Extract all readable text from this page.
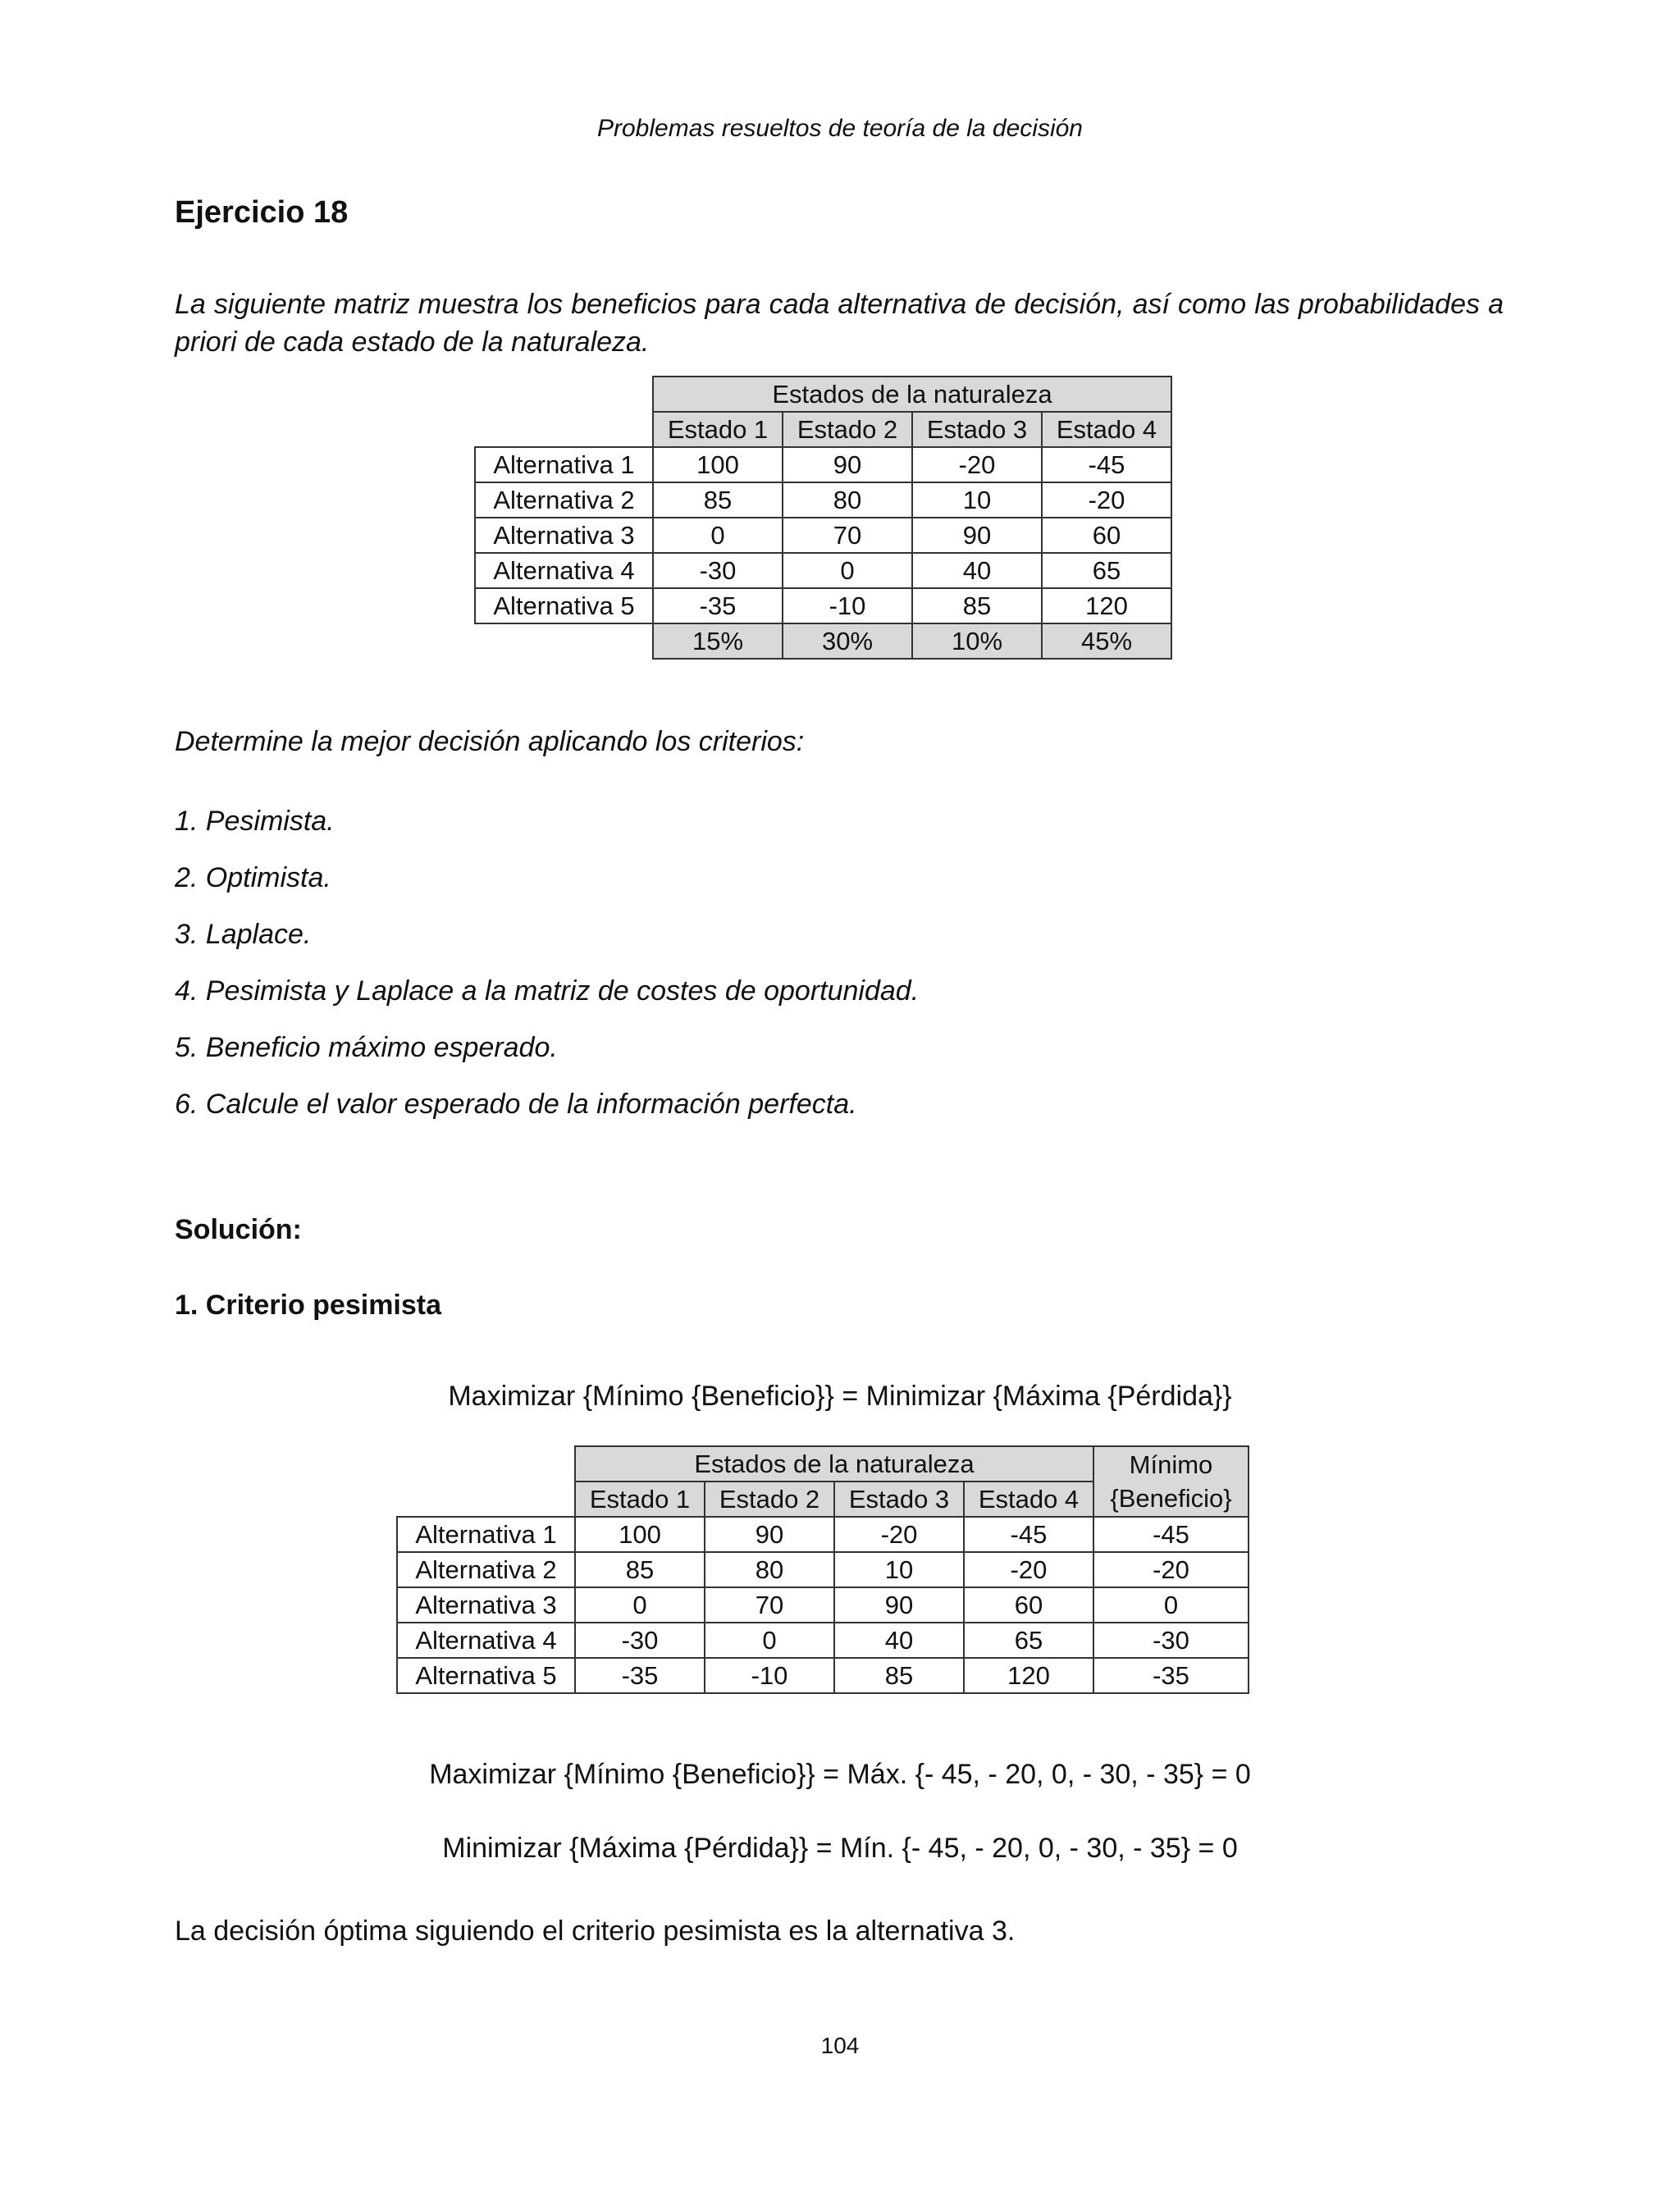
Problemas resueltos de teoría de la decisión
Ejercicio 18
La siguiente matriz muestra los beneficios para cada alternativa de decisión, así como las probabilidades a priori de cada estado de la naturaleza.
	Estados de la naturaleza			
	Estado 1	Estado 2	Estado 3	Estado 4
Alternativa 1	100	90	-20	-45
Alternativa 2	85	80	10	-20
Alternativa 3	0	70	90	60
Alternativa 4	-30	0	40	65
Alternativa 5	-35	-10	85	120
	15%	30%	10%	45%
Determine la mejor decisión aplicando los criterios:
1. Pesimista.
2. Optimista.
3. Laplace.
4. Pesimista y Laplace a la matriz de costes de oportunidad.
5. Beneficio máximo esperado.
6. Calcule el valor esperado de la información perfecta.
Solución:
1. Criterio pesimista
Maximizar {Mínimo {Beneficio}} = Minimizar {Máxima {Pérdida}}
	Estados de la naturaleza				Mínimo
{Beneficio}
	Estado 1	Estado 2	Estado 3	Estado 4	
Alternativa 1	100	90	-20	-45	-45
Alternativa 2	85	80	10	-20	-20
Alternativa 3	0	70	90	60	0
Alternativa 4	-30	0	40	65	-30
Alternativa 5	-35	-10	85	120	-35
Maximizar {Mínimo {Beneficio}} = Máx. {- 45, - 20, 0, - 30, - 35} = 0
Minimizar {Máxima {Pérdida}} = Mín. {- 45, - 20, 0, - 30, - 35} = 0
La decisión óptima siguiendo el criterio pesimista es la alternativa 3.
104
